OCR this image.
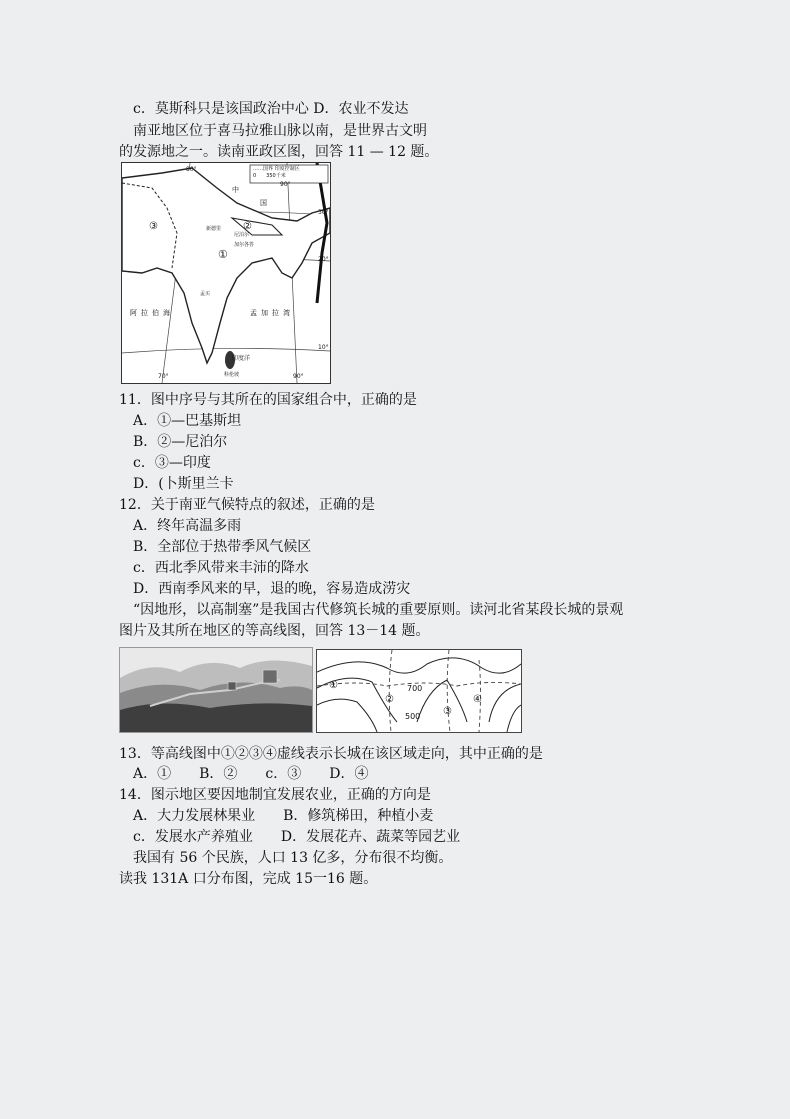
c．莫斯科只是该国政治中心 D．农业不发达
南亚地区位于喜马拉雅山脉以南，是世界古文明
的发源地之一。读南亚政区图，回答 11 — 12 题。
……国界 印度控制区
0　　350千米
①
②
③
80°
90°
70°	90°
30°
20°
10°
中
国
尼泊尔
新德里
加尔各答
孟买
科伦坡
阿拉伯海	孟加拉湾
印度洋
11．图中序号与其所在的国家组合中，正确的是
A．①—巴基斯坦
B．②—尼泊尔
c．③—印度
D．(卜斯里兰卡
12．关于南亚气候特点的叙述，正确的是
A．终年高温多雨
B．全部位于热带季风气候区
c．西北季风带来丰沛的降水
D．西南季风来的早，退的晚，容易造成涝灾
“因地形，以高制塞”是我国古代修筑长城的重要原则。读河北省某段长城的景观
图片及其所在地区的等高线图，回答 13－14 题。
①
②
③
④
700
500
13．等高线图中①②③④虚线表示长城在该区域走向，其中正确的是
A．①　　B．②　　c．③　　D．④
14．图示地区要因地制宜发展农业，正确的方向是
A．大力发展林果业　　B．修筑梯田，种植小麦
c．发展水产养殖业　　D．发展花卉、蔬菜等园艺业
我国有 56 个民族，人口 13 亿多，分布很不均衡。
读我 131A 口分布图，完成 15一16 题。
